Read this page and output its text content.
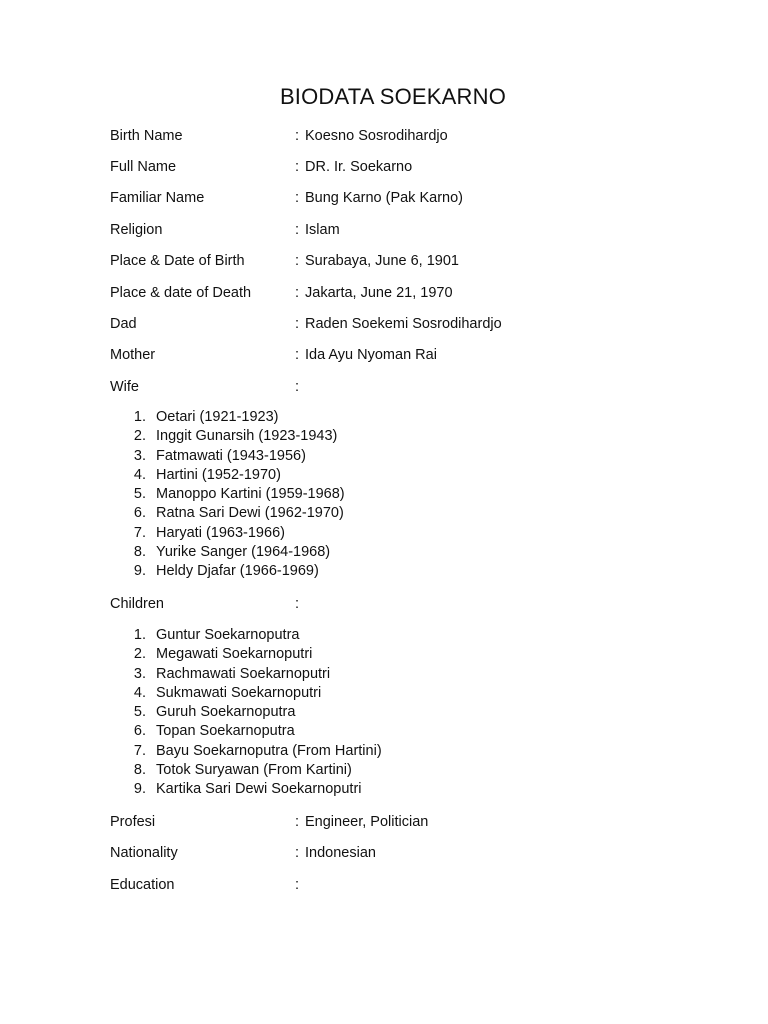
BIODATA SOEKARNO
Birth Name	: Koesno Sosrodihardjo
Full Name	: DR. Ir. Soekarno
Familiar Name	: Bung Karno (Pak Karno)
Religion	: Islam
Place & Date of Birth	: Surabaya, June 6, 1901
Place & date of Death	: Jakarta, June 21, 1970
Dad	: Raden Soekemi Sosrodihardjo
Mother	: Ida Ayu Nyoman Rai
Wife	:
1. Oetari (1921-1923)
2. Inggit Gunarsih (1923-1943)
3. Fatmawati (1943-1956)
4. Hartini (1952-1970)
5. Manoppo Kartini (1959-1968)
6. Ratna Sari Dewi (1962-1970)
7. Haryati (1963-1966)
8. Yurike Sanger (1964-1968)
9. Heldy Djafar (1966-1969)
Children	:
1. Guntur Soekarnoputra
2. Megawati Soekarnoputri
3. Rachmawati Soekarnoputri
4. Sukmawati Soekarnoputri
5. Guruh Soekarnoputra
6. Topan Soekarnoputra
7. Bayu Soekarnoputra (From Hartini)
8. Totok Suryawan (From Kartini)
9. Kartika Sari Dewi Soekarnoputri
Profesi	: Engineer, Politician
Nationality	: Indonesian
Education	:
